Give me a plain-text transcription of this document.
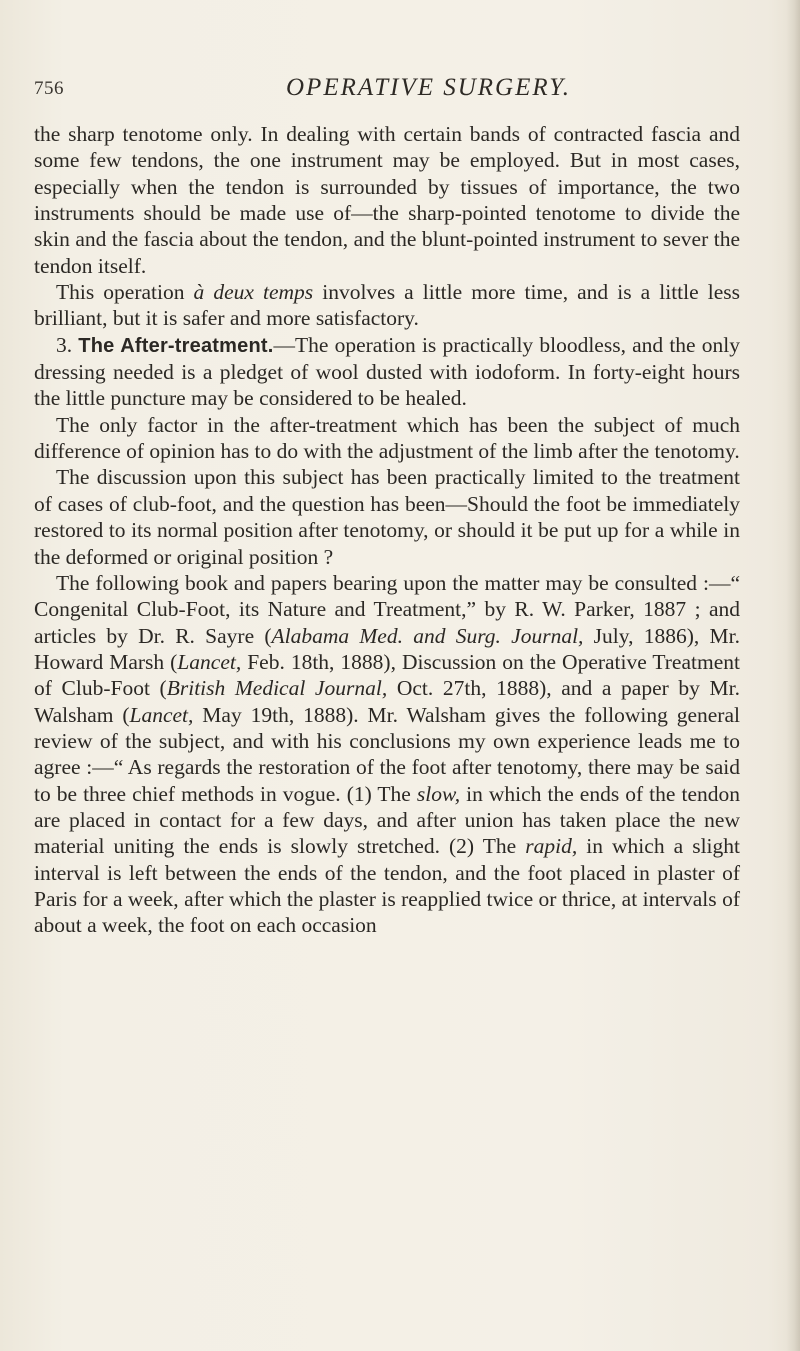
756	OPERATIVE SURGERY.

the sharp tenotome only. In dealing with certain bands of contracted fascia and some few tendons, the one instrument may be employed. But in most cases, especially when the tendon is surrounded by tissues of importance, the two instruments should be made use of—the sharp-pointed tenotome to divide the skin and the fascia about the tendon, and the blunt-pointed instrument to sever the tendon itself.

This operation à deux temps involves a little more time, and is a little less brilliant, but it is safer and more satisfactory.

3. The After-treatment.—The operation is practically bloodless, and the only dressing needed is a pledget of wool dusted with iodoform. In forty-eight hours the little puncture may be considered to be healed.

The only factor in the after-treatment which has been the subject of much difference of opinion has to do with the adjustment of the limb after the tenotomy.

The discussion upon this subject has been practically limited to the treatment of cases of club-foot, and the question has been—Should the foot be immediately restored to its normal position after tenotomy, or should it be put up for a while in the deformed or original position ?

The following book and papers bearing upon the matter may be consulted :—“ Congenital Club-Foot, its Nature and Treatment,” by R. W. Parker, 1887 ; and articles by Dr. R. Sayre (Alabama Med. and Surg. Journal, July, 1886), Mr. Howard Marsh (Lancet, Feb. 18th, 1888), Discussion on the Operative Treatment of Club-Foot (British Medical Journal, Oct. 27th, 1888), and a paper by Mr. Walsham (Lancet, May 19th, 1888). Mr. Walsham gives the following general review of the subject, and with his conclusions my own experience leads me to agree :—“ As regards the restoration of the foot after tenotomy, there may be said to be three chief methods in vogue. (1) The slow, in which the ends of the tendon are placed in contact for a few days, and after union has taken place the new material uniting the ends is slowly stretched. (2) The rapid, in which a slight interval is left between the ends of the tendon, and the foot placed in plaster of Paris for a week, after which the plaster is reapplied twice or thrice, at intervals of about a week, the foot on each occasion
